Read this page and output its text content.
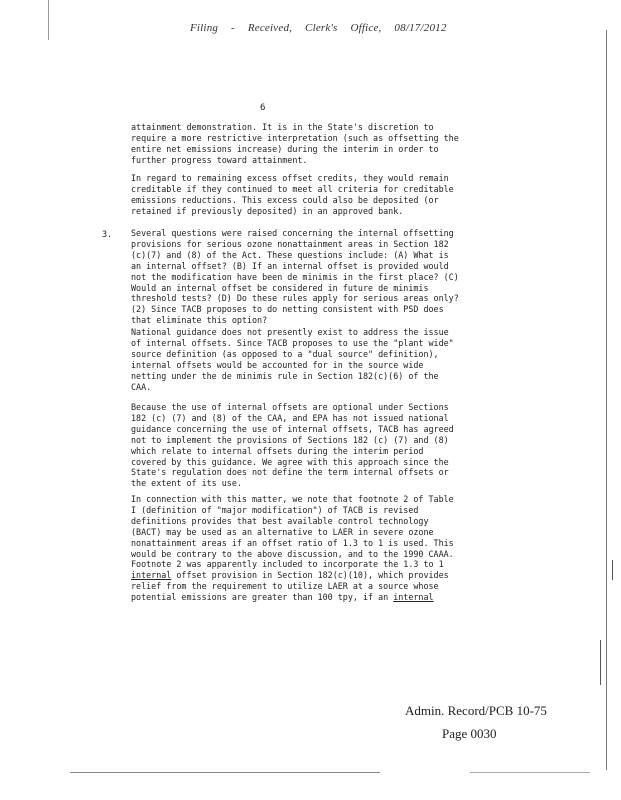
Filing - Received, Clerk's Office, 08/17/2012
6
attainment demonstration. It is in the State's discretion to
require a more restrictive interpretation (such as offsetting the
entire net emissions increase) during the interim in order to
further progress toward attainment.
In regard to remaining excess offset credits, they would remain
creditable if they continued to meet all criteria for creditable
emissions reductions. This excess could also be deposited (or
retained if previously deposited) in an approved bank.
3. Several questions were raised concerning the internal offsetting
provisions for serious ozone nonattainment areas in Section 182
(c)(7) and (8) of the Act. These questions include: (A) What is
an internal offset? (B) If an internal offset is provided would
not the modification have been de minimis in the first place? (C)
Would an internal offset be considered in future de minimis
threshold tests? (D) Do these rules apply for serious areas only?
(2) Since TACB proposes to do netting consistent with PSD does
that eliminate this option?
National guidance does not presently exist to address the issue
of internal offsets. Since TACB proposes to use the "plant wide"
source definition (as opposed to a "dual source" definition),
internal offsets would be accounted for in the source wide
netting under the de minimis rule in Section 182(c)(6) of the
CAA.
Because the use of internal offsets are optional under Sections
182 (c) (7) and (8) of the CAA, and EPA has not issued national
guidance concerning the use of internal offsets, TACB has agreed
not to implement the provisions of Sections 182 (c) (7) and (8)
which relate to internal offsets during the interim period
covered by this guidance. We agree with this approach since the
State's regulation does not define the term internal offsets or
the extent of its use.
In connection with this matter, we note that footnote 2 of Table
I (definition of "major modification") of TACB is revised
definitions provides that best available control technology
(BACT) may be used as an alternative to LAER in severe ozone
nonattainment areas if an offset ratio of 1.3 to 1 is used. This
would be contrary to the above discussion, and to the 1990 CAAA.
Footnote 2 was apparently included to incorporate the 1.3 to 1

internal offset provision in Section 182(c)(10), which provides
relief from the requirement to utilize LAER at a source whose
potential emissions are greater than 100 tpy, if an internal
Admin. Record/PCB 10-75
Page 0030
